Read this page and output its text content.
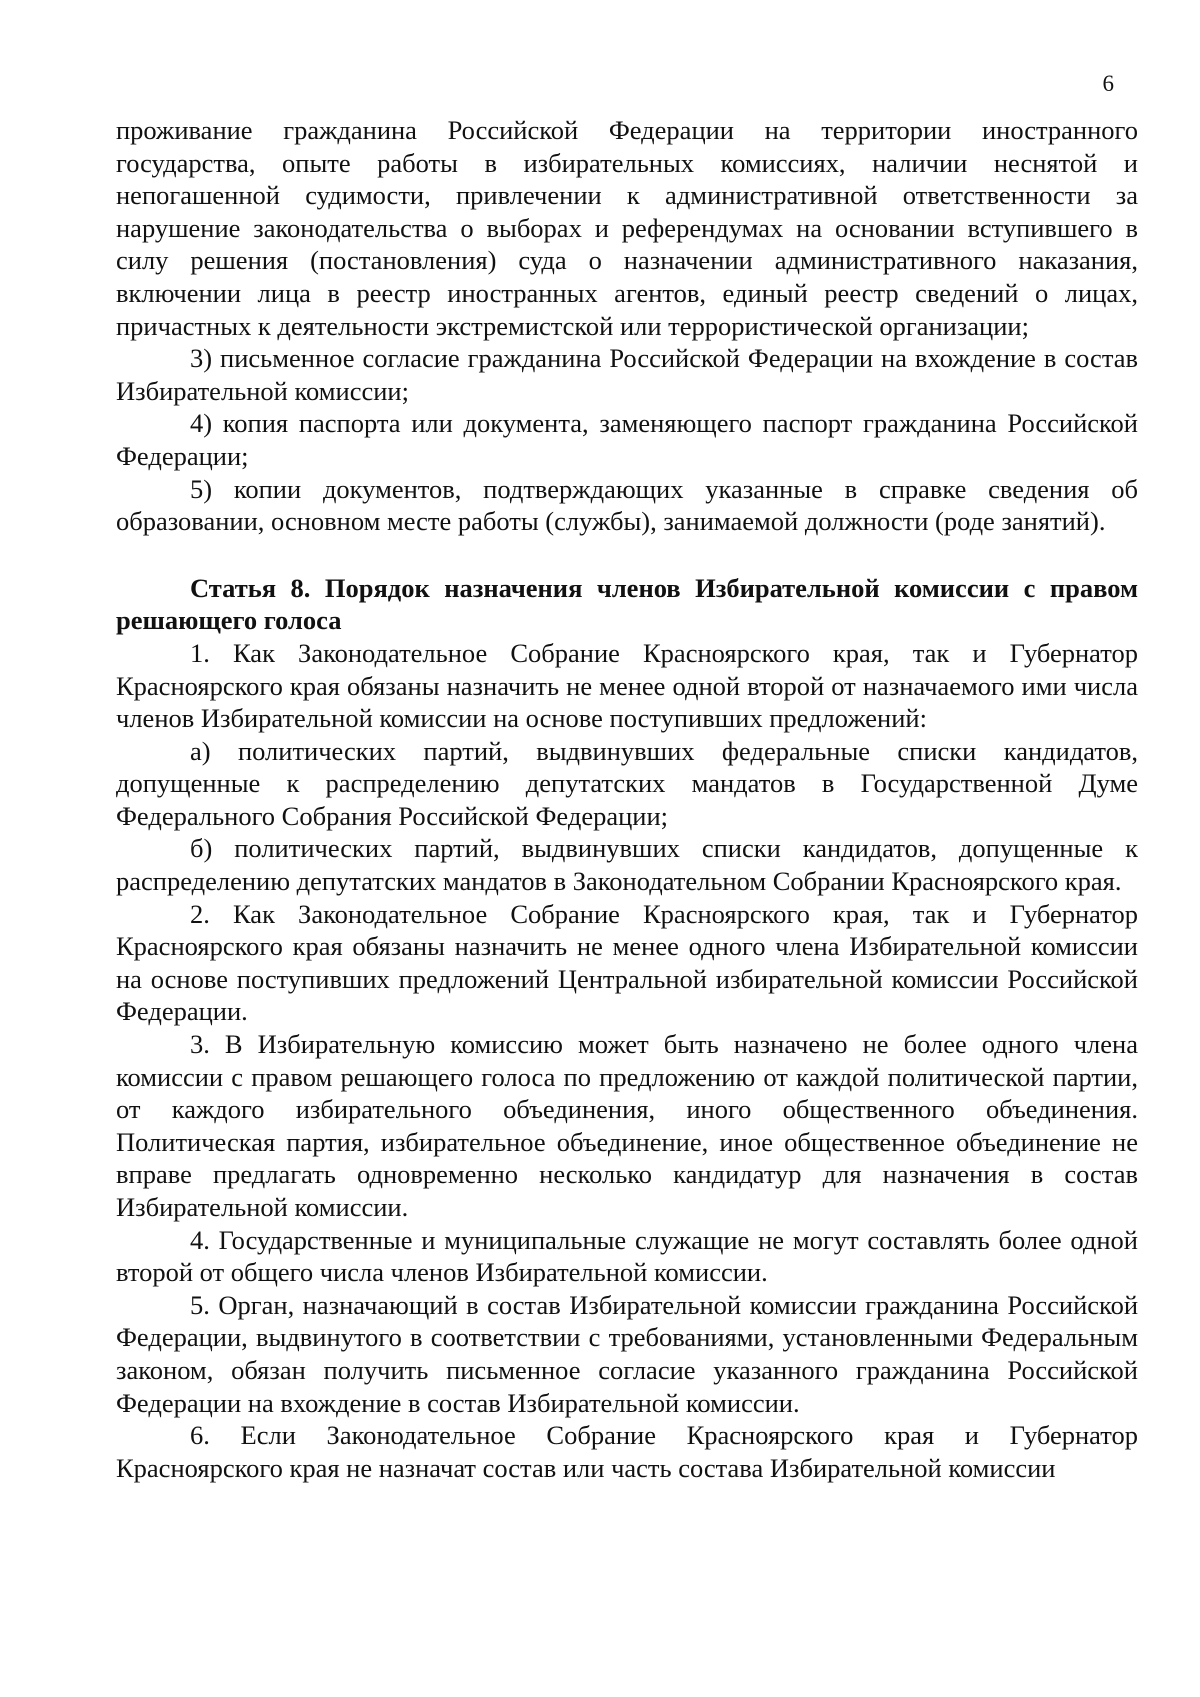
6

проживание гражданина Российской Федерации на территории иностранного государства, опыте работы в избирательных комиссиях, наличии неснятой и непогашенной судимости, привлечении к административной ответственности за нарушение законодательства о выборах и референдумах на основании вступившего в силу решения (постановления) суда о назначении административного наказания, включении лица в реестр иностранных агентов, единый реестр сведений о лицах, причастных к деятельности экстремистской или террористической организации;

3) письменное согласие гражданина Российской Федерации на вхождение в состав Избирательной комиссии;

4) копия паспорта или документа, заменяющего паспорт гражданина Российской Федерации;

5) копии документов, подтверждающих указанные в справке сведения об образовании, основном месте работы (службы), занимаемой должности (роде занятий).

Статья 8. Порядок назначения членов Избирательной комиссии с правом решающего голоса

1. Как Законодательное Собрание Красноярского края, так и Губернатор Красноярского края обязаны назначить не менее одной второй от назначаемого ими числа членов Избирательной комиссии на основе поступивших предложений:

а) политических партий, выдвинувших федеральные списки кандидатов, допущенные к распределению депутатских мандатов в Государственной Думе Федерального Собрания Российской Федерации;

б) политических партий, выдвинувших списки кандидатов, допущенные к распределению депутатских мандатов в Законодательном Собрании Красноярского края.

2. Как Законодательное Собрание Красноярского края, так и Губернатор Красноярского края обязаны назначить не менее одного члена Избирательной комиссии на основе поступивших предложений Центральной избирательной комиссии Российской Федерации.

3. В Избирательную комиссию может быть назначено не более одного члена комиссии с правом решающего голоса по предложению от каждой политической партии, от каждого избирательного объединения, иного общественного объединения. Политическая партия, избирательное объединение, иное общественное объединение не вправе предлагать одновременно несколько кандидатур для назначения в состав Избирательной комиссии.

4. Государственные и муниципальные служащие не могут составлять более одной второй от общего числа членов Избирательной комиссии.

5. Орган, назначающий в состав Избирательной комиссии гражданина Российской Федерации, выдвинутого в соответствии с требованиями, установленными Федеральным законом, обязан получить письменное согласие указанного гражданина Российской Федерации на вхождение в состав Избирательной комиссии.

6. Если Законодательное Собрание Красноярского края и Губернатор Красноярского края не назначат состав или часть состава Избирательной комиссии
